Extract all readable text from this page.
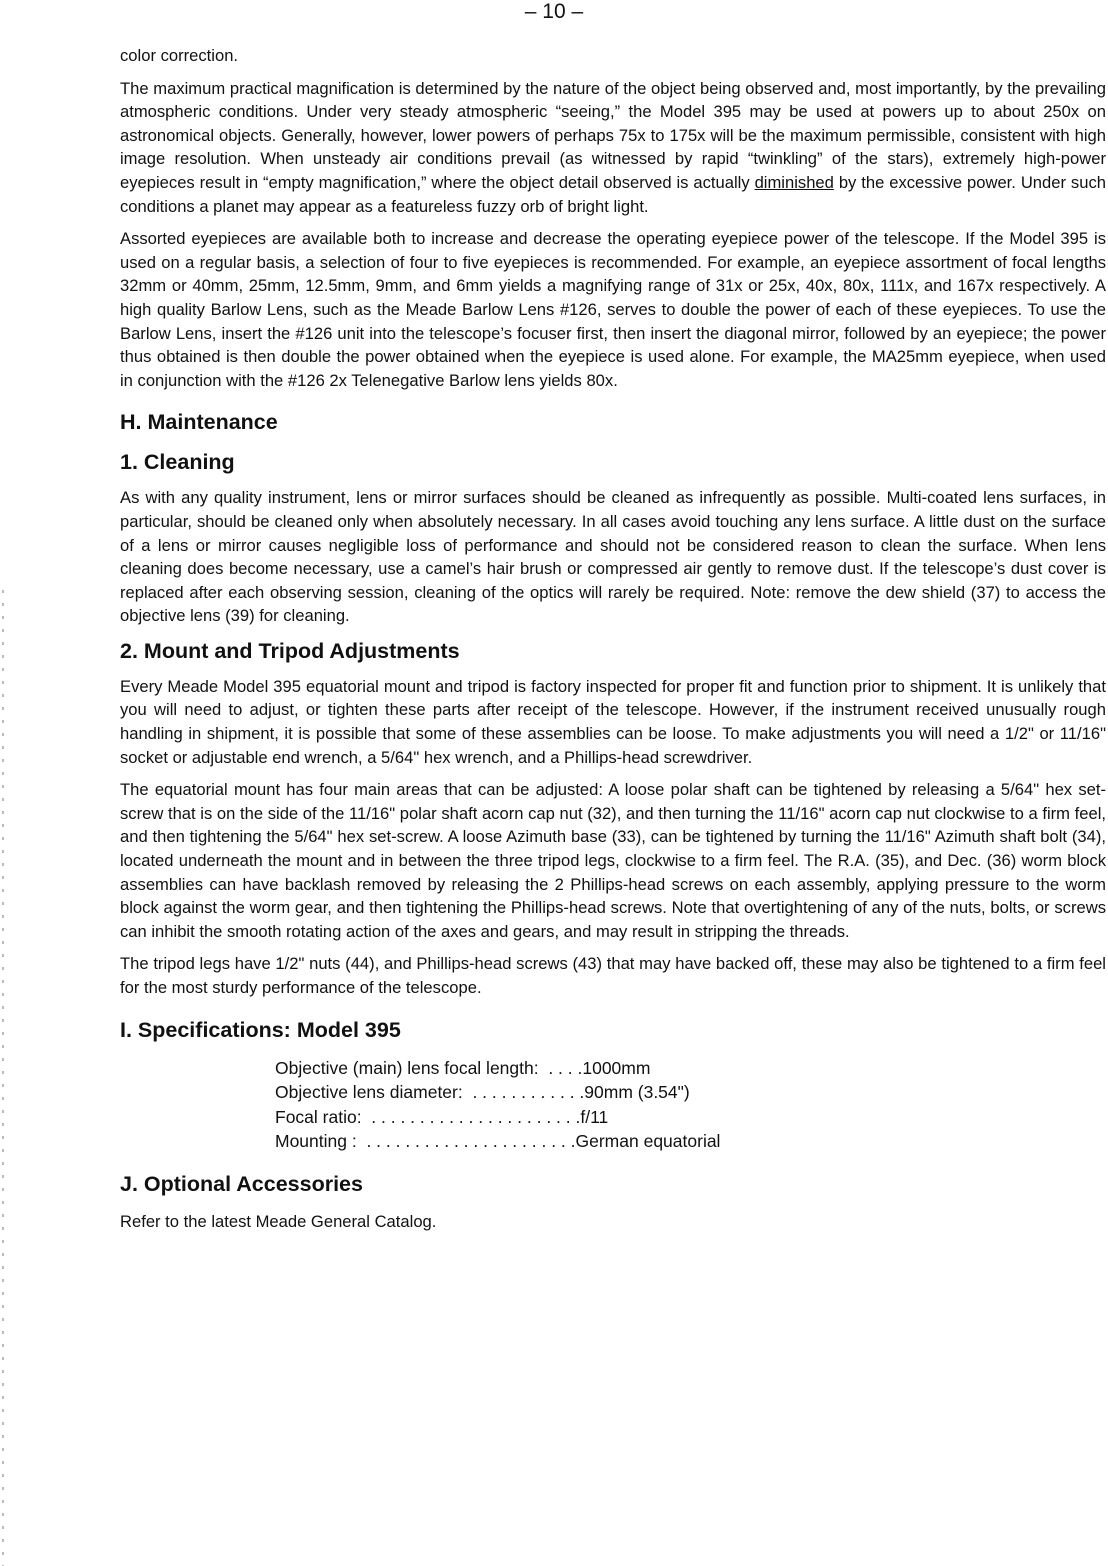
– 10 –

color correction.

The maximum practical magnification is determined by the nature of the object being observed and, most importantly, by the prevailing atmospheric conditions. Under very steady atmospheric “seeing,” the Model 395 may be used at powers up to about 250x on astronomical objects. Generally, however, lower powers of perhaps 75x to 175x will be the maximum permissible, consistent with high image resolution. When unsteady air conditions prevail (as witnessed by rapid “twinkling” of the stars), extremely high-power eyepieces result in “empty magnification,” where the object detail observed is actually diminished by the excessive power. Under such conditions a planet may appear as a featureless fuzzy orb of bright light.

Assorted eyepieces are available both to increase and decrease the operating eyepiece power of the telescope. If the Model 395 is used on a regular basis, a selection of four to five eyepieces is recommended. For example, an eyepiece assortment of focal lengths 32mm or 40mm, 25mm, 12.5mm, 9mm, and 6mm yields a magnifying range of 31x or 25x, 40x, 80x, 111x, and 167x respectively. A high quality Barlow Lens, such as the Meade Barlow Lens #126, serves to double the power of each of these eyepieces. To use the Barlow Lens, insert the #126 unit into the telescope’s focuser first, then insert the diagonal mirror, followed by an eyepiece; the power thus obtained is then double the power obtained when the eyepiece is used alone. For example, the MA25mm eyepiece, when used in conjunction with the #126 2x Telenegative Barlow lens yields 80x.

H. Maintenance
1. Cleaning

As with any quality instrument, lens or mirror surfaces should be cleaned as infrequently as possible. Multi-coated lens surfaces, in particular, should be cleaned only when absolutely necessary. In all cases avoid touching any lens surface. A little dust on the surface of a lens or mirror causes negligible loss of performance and should not be considered reason to clean the surface. When lens cleaning does become necessary, use a camel’s hair brush or compressed air gently to remove dust. If the telescope’s dust cover is replaced after each observing session, cleaning of the optics will rarely be required. Note: remove the dew shield (37) to access the objective lens (39) for cleaning.

2. Mount and Tripod Adjustments

Every Meade Model 395 equatorial mount and tripod is factory inspected for proper fit and function prior to shipment. It is unlikely that you will need to adjust, or tighten these parts after receipt of the telescope. However, if the instrument received unusually rough handling in shipment, it is possible that some of these assemblies can be loose. To make adjustments you will need a 1/2" or 11/16" socket or adjustable end wrench, a 5/64" hex wrench, and a Phillips-head screwdriver.

The equatorial mount has four main areas that can be adjusted: A loose polar shaft can be tightened by releasing a 5/64" hex set-screw that is on the side of the 11/16" polar shaft acorn cap nut (32), and then turning the 11/16" acorn cap nut clockwise to a firm feel, and then tightening the 5/64" hex set-screw. A loose Azimuth base (33), can be tightened by turning the 11/16" Azimuth shaft bolt (34), located underneath the mount and in between the three tripod legs, clockwise to a firm feel. The R.A. (35), and Dec. (36) worm block assemblies can have backlash removed by releasing the 2 Phillips-head screws on each assembly, applying pressure to the worm block against the worm gear, and then tightening the Phillips-head screws. Note that overtightening of any of the nuts, bolts, or screws can inhibit the smooth rotating action of the axes and gears, and may result in stripping the threads.

The tripod legs have 1/2" nuts (44), and Phillips-head screws (43) that may have backed off, these may also be tightened to a firm feel for the most sturdy performance of the telescope.

I. Specifications: Model 395
Objective (main) lens focal length:  . . . .1000mm
Objective lens diameter:  . . . . . . . . . . . .90mm (3.54")
Focal ratio:  . . . . . . . . . . . . . . . . . . . . . .f/11
Mounting :  . . . . . . . . . . . . . . . . . . . . . .German equatorial
J. Optional Accessories

Refer to the latest Meade General Catalog.
